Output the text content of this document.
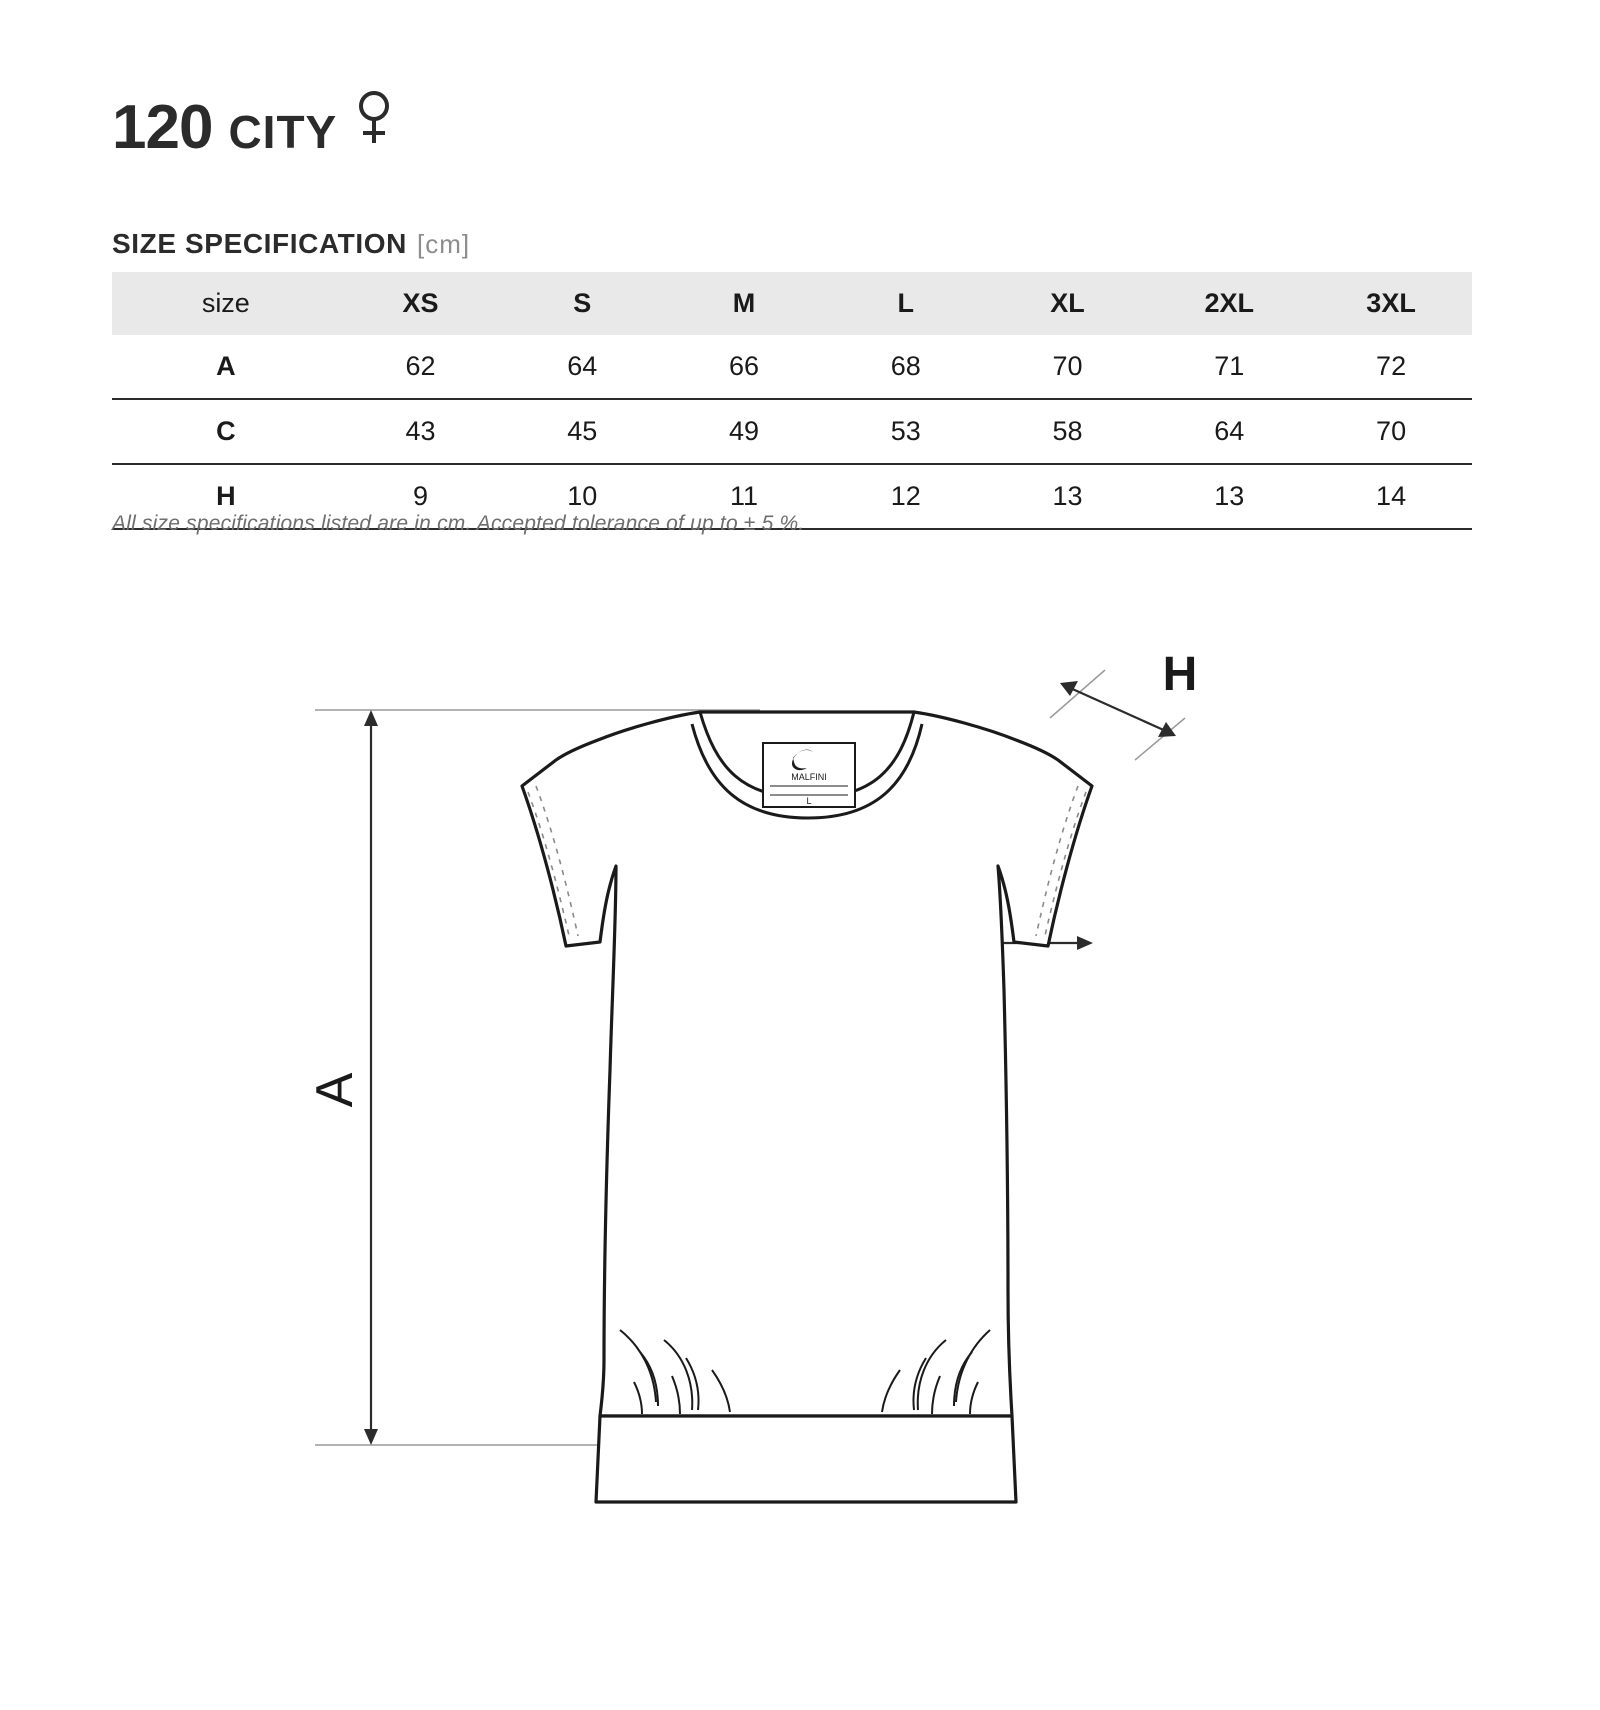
120 CITY
SIZE SPECIFICATION [cm]
size	XS	S	M	L	XL	2XL	3XL
A	62	64	66	68	70	71	72
C	43	45	49	53	58	64	70
H	9	10	11	12	13	13	14
All size specifications listed are in cm. Accepted tolerance of up to ± 5 %.
A
H
MALFINI
L
